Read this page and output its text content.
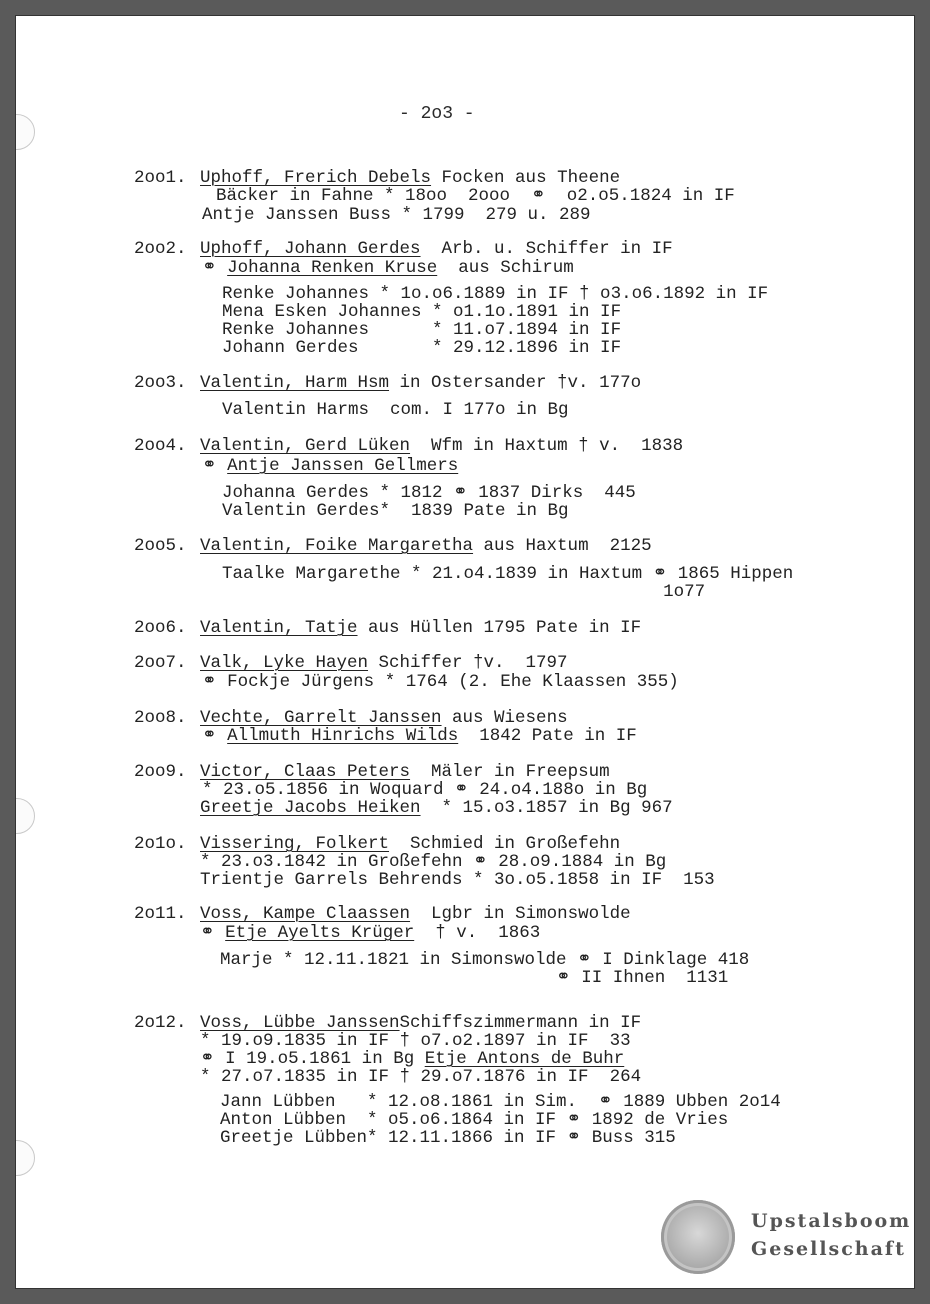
- 2o3 -
2oo1. Uphoff, Frerich Debels Focken aus Theene
Bäcker in Fahne * 18oo  2ooo  ⚭  o2.o5.1824 in IF
Antje Janssen Buss * 1799  279 u. 289
2oo2. Uphoff, Johann Gerdes  Arb. u. Schiffer in IF
⚭ Johanna Renken Kruse  aus Schirum
Renke Johannes * 1o.o6.1889 in IF † o3.o6.1892 in IF
Mena Esken Johannes * o1.1o.1891 in IF
Renke Johannes      * 11.o7.1894 in IF
Johann Gerdes       * 29.12.1896 in IF
2oo3. Valentin, Harm Hsm in Ostersander †v. 177o
Valentin Harms  com. I 177o in Bg
2oo4. Valentin, Gerd Lüken  Wfm in Haxtum † v.  1838
⚭ Antje Janssen Gellmers
Johanna Gerdes * 1812 ⚭ 1837 Dirks  445
Valentin Gerdes*  1839 Pate in Bg
2oo5. Valentin, Foike Margaretha aus Haxtum  2125
Taalke Margarethe * 21.o4.1839 in Haxtum ⚭ 1865 Hippen
1o77
2oo6. Valentin, Tatje aus Hüllen 1795 Pate in IF
2oo7. Valk, Lyke Hayen Schiffer †v.  1797
⚭ Fockje Jürgens * 1764 (2. Ehe Klaassen 355)
2oo8. Vechte, Garrelt Janssen aus Wiesens
⚭ Allmuth Hinrichs Wilds  1842 Pate in IF
2oo9. Victor, Claas Peters  Mäler in Freepsum
* 23.o5.1856 in Woquard ⚭ 24.o4.188o in Bg
Greetje Jacobs Heiken  * 15.o3.1857 in Bg 967
2o1o. Vissering, Folkert  Schmied in Großefehn
* 23.o3.1842 in Großefehn ⚭ 28.o9.1884 in Bg
Trientje Garrels Behrends * 3o.o5.1858 in IF  153
2o11. Voss, Kampe Claassen  Lgbr in Simonswolde
⚭ Etje Ayelts Krüger  † v.  1863
Marje * 12.11.1821 in Simonswolde ⚭ I Dinklage 418
⚭ II Ihnen  1131
2o12. Voss, Lübbe JanssenSchiffszimmermann in IF
* 19.o9.1835 in IF † o7.o2.1897 in IF  33
⚭ I 19.o5.1861 in Bg Etje Antons de Buhr
* 27.o7.1835 in IF † 29.o7.1876 in IF  264
Jann Lübben   * 12.o8.1861 in Sim.  ⚭ 1889 Ubben 2o14
Anton Lübben  * o5.o6.1864 in IF ⚭ 1892 de Vries
Greetje Lübben* 12.11.1866 in IF ⚭ Buss 315
Upstalsboom
Gesellschaft
